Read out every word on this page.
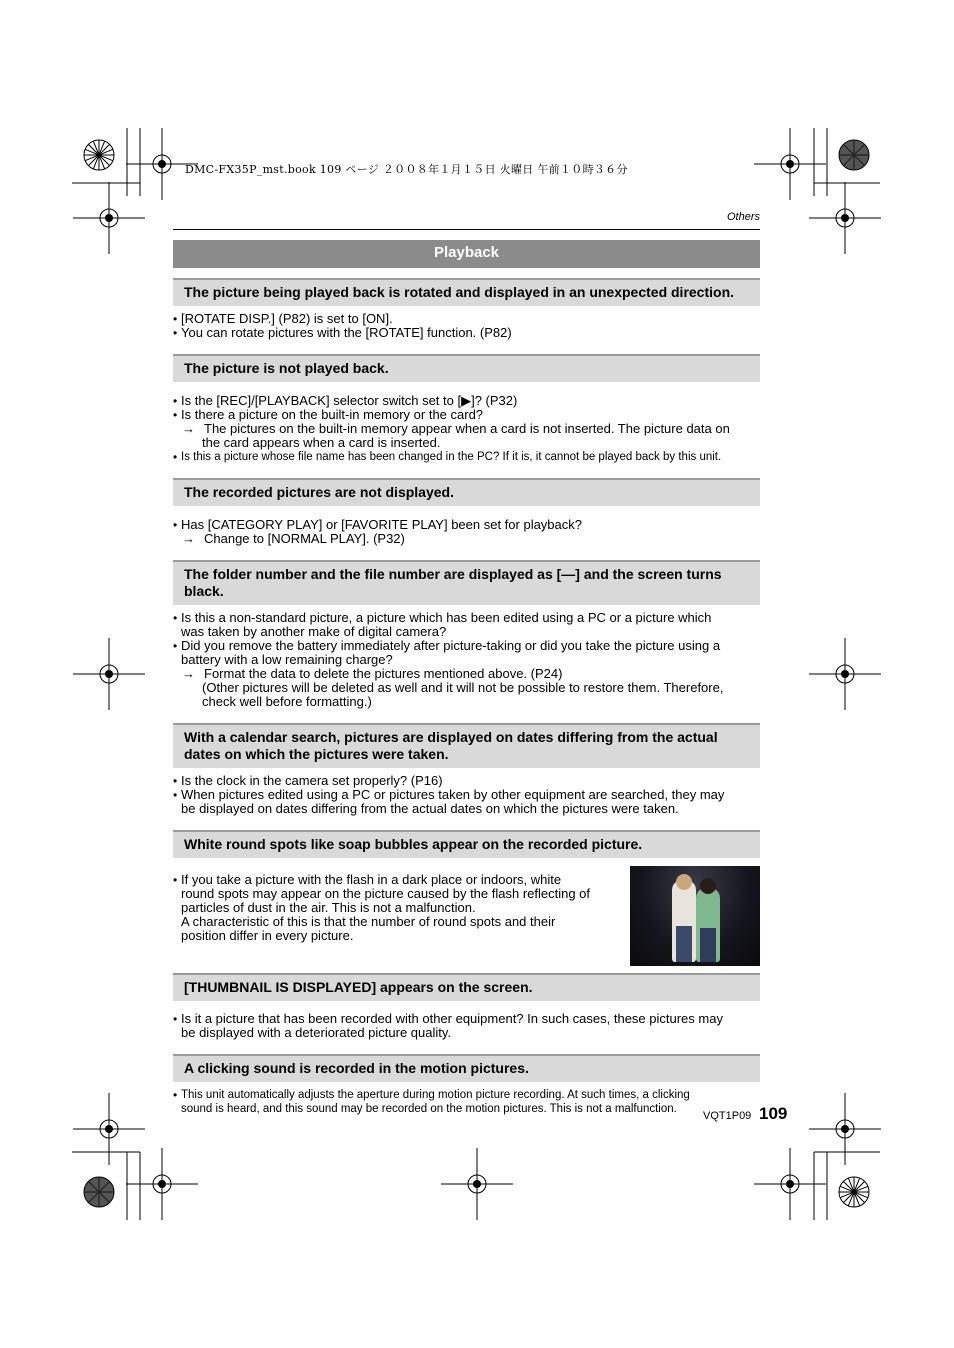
DMC-FX35P_mst.book 109 ページ ２００８年１月１５日 火曜日 午前１０時３６分
Others
Playback
The picture being played back is rotated and displayed in an unexpected direction.
• [ROTATE DISP.] (P82) is set to [ON].
• You can rotate pictures with the [ROTATE] function. (P82)
The picture is not played back.
• Is the [REC]/[PLAYBACK] selector switch set to [▶]? (P32)
• Is there a picture on the built-in memory or the card?
→ The pictures on the built-in memory appear when a card is not inserted. The picture data on
the card appears when a card is inserted.
• Is this a picture whose file name has been changed in the PC? If it is, it cannot be played back by this unit.
The recorded pictures are not displayed.
• Has [CATEGORY PLAY] or [FAVORITE PLAY] been set for playback?
→ Change to [NORMAL PLAY]. (P32)
The folder number and the file number are displayed as [—] and the screen turns black.
• Is this a non-standard picture, a picture which has been edited using a PC or a picture which
was taken by another make of digital camera?
• Did you remove the battery immediately after picture-taking or did you take the picture using a
battery with a low remaining charge?
→ Format the data to delete the pictures mentioned above. (P24)
(Other pictures will be deleted as well and it will not be possible to restore them. Therefore,
check well before formatting.)
With a calendar search, pictures are displayed on dates differing from the actual dates on which the pictures were taken.
• Is the clock in the camera set properly? (P16)
• When pictures edited using a PC or pictures taken by other equipment are searched, they may
be displayed on dates differing from the actual dates on which the pictures were taken.
White round spots like soap bubbles appear on the recorded picture.
• If you take a picture with the flash in a dark place or indoors, white
round spots may appear on the picture caused by the flash reflecting of
particles of dust in the air. This is not a malfunction.
A characteristic of this is that the number of round spots and their
position differ in every picture.
[THUMBNAIL IS DISPLAYED] appears on the screen.
• Is it a picture that has been recorded with other equipment? In such cases, these pictures may
be displayed with a deteriorated picture quality.
A clicking sound is recorded in the motion pictures.
• This unit automatically adjusts the aperture during motion picture recording. At such times, a clicking
sound is heard, and this sound may be recorded on the motion pictures. This is not a malfunction.
VQT1P09 109
